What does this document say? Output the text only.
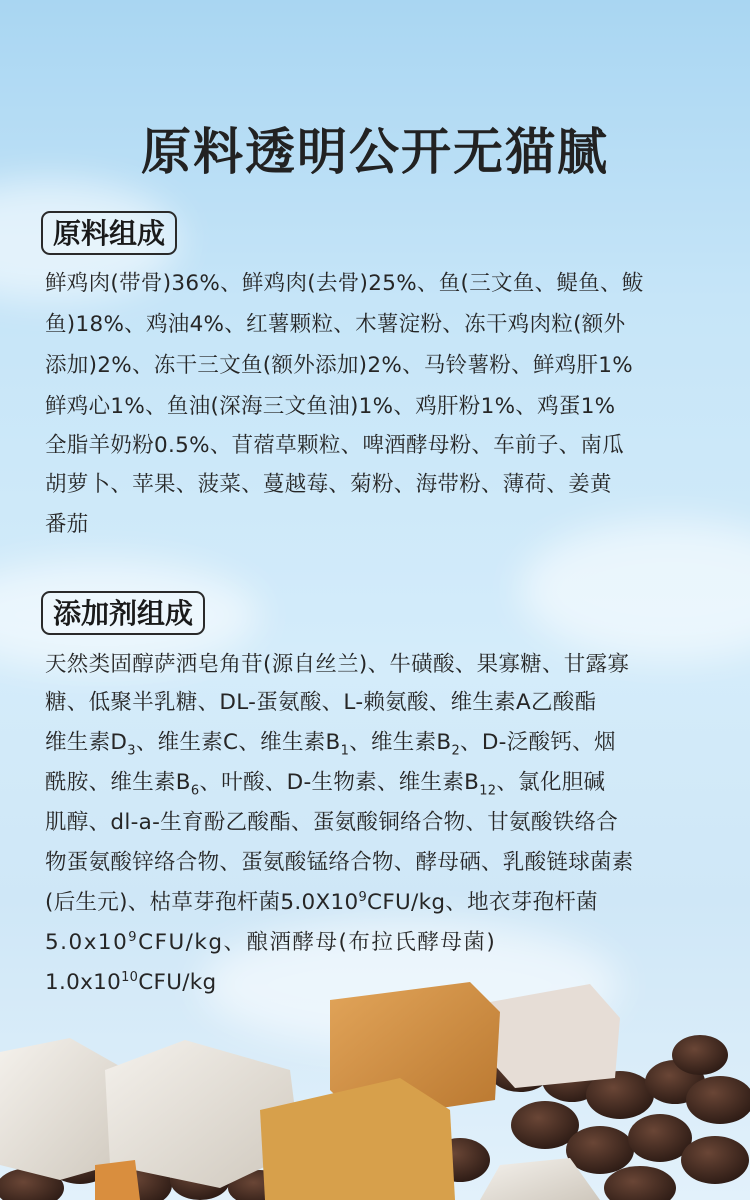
原料透明公开无猫腻
原料组成
鲜鸡肉(带骨)36%、鲜鸡肉(去骨)25%、鱼(三文鱼、鳀鱼、鲅
鱼)18%、鸡油4%、红薯颗粒、木薯淀粉、冻干鸡肉粒(额外
添加)2%、冻干三文鱼(额外添加)2%、马铃薯粉、鲜鸡肝1%
鲜鸡心1%、鱼油(深海三文鱼油)1%、鸡肝粉1%、鸡蛋1%
全脂羊奶粉0.5%、苜蓿草颗粒、啤酒酵母粉、车前子、南瓜
胡萝卜、苹果、菠菜、蔓越莓、菊粉、海带粉、薄荷、姜黄
番茄
添加剂组成
天然类固醇萨洒皂角苷(源自丝兰)、牛磺酸、果寡糖、甘露寡
糖、低聚半乳糖、DL-蛋氨酸、L-赖氨酸、维生素A乙酸酯
维生素$D_3$、维生素C、维生素$B_1$、维生素$B_2$、D-泛酸钙、烟
酰胺、维生素$B_6$、叶酸、D-生物素、维生素$B_{12}$、氯化胆碱
肌醇、dl-a-生育酚乙酸酯、蛋氨酸铜络合物、甘氨酸铁络合
物蛋氨酸锌络合物、蛋氨酸锰络合物、酵母硒、乳酸链球菌素
(后生元)、枯草芽孢杆菌$5.0X10^9CFU/kg$、地衣芽孢杆菌
$5.0x10^9CFU/kg$、酿酒酵母(布拉氏酵母菌)
$1.0x10^{10}CFU/kg$
